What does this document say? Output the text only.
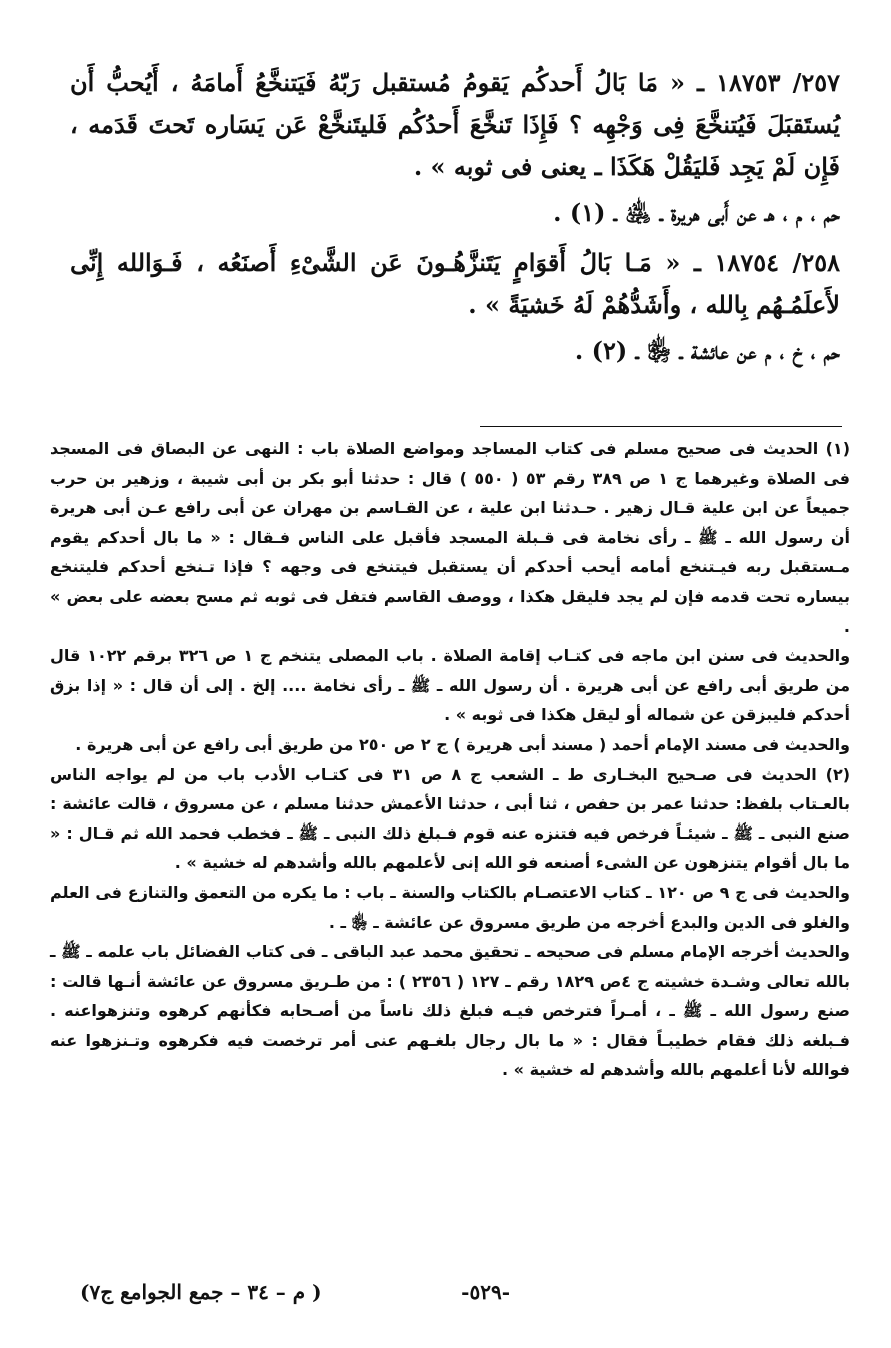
٢٥٧/ ١٨٧٥٣ ـ « مَا بَالُ أَحدكُم يَقومُ مُستقبل رَبّهُ فَيَتنخَّعُ أَمامَهُ ، أَيُحبُّ أَن يُستَقبَلَ فَيُتنخَّعَ فِى وَجْهِه ؟ فَإِذَا تَنخَّعَ أَحدُكُم فَليتَنخَّعْ عَن يَسَاره تَحتَ قَدَمه ، فَإِن لَمْ يَجِد فَليَقُلْ هَكَذَا ـ يعنى فى ثوبه » .

حم ، م ، هـ عن أَبى هريرة ـ ﵁ ـ (١) .

٢٥٨/ ١٨٧٥٤ ـ « مَـا بَالُ أَقوَامٍ يَتَنزَّهُـونَ عَن الشَّىْءِ أَصنَعُه ، فَـوَالله إِنِّى لأَعلَمُـهُم بِالله ، وأَشَدُّهُمْ لَهُ خَشيَةً » .

حم ، خ ، م عن عائشة ـ ﵂ ـ (٢) .

(١) الحديث فى صحيح مسلم فى كتاب المساجد ومواضع الصلاة باب : النهى عن البصاق فى المسجد فى الصلاة وغيرهما ج ١ ص ٣٨٩ رقم ٥٣ ( ٥٥٠ ) قال : حدثنا أبو بكر بن أبى شيبة ، وزهير بن حرب جميعاً عن ابن علية قـال زهير . حـدثنا ابن علية ، عن القـاسم بن مهران عن أبى رافع عـن أبى هريرة أن رسول الله ـ ﷺ ـ رأى نخامة فى قـبلة المسجد فأقبل على الناس فـقال : « ما بال أحدكم يقوم مـستقبل ربه فيـتنخع أمامه أيحب أحدكم أن يستقبل فيتنخع فى وجهه ؟ فإذا تـنخع أحدكم فليتنخع بيساره تحت قدمه فإن لم يجد فليقل هكذا ، ووصف القاسم فتفل فى ثوبه ثم مسح بعضه على بعض » .

والحديث فى سنن ابن ماجه فى كتـاب إقامة الصلاة . باب المصلى يتنخم ج ١ ص ٣٢٦ برقم ١٠٢٢ قال من طريق أبى رافع عن أبى هريرة . أن رسول الله ـ ﷺ ـ رأى نخامة .... إلخ . إلى أن قال : « إذا بزق أحدكم فليبزقن عن شماله أو ليقل هكذا فى ثوبه » .

والحديث فى مسند الإمام أحمد ( مسند أبى هريرة ) ج ٢ ص ٢٥٠ من طريق أبى رافع عن أبى هريرة .

(٢) الحديث فى صـحيح البخـارى ط ـ الشعب ج ٨ ص ٣١ فى كتـاب الأدب باب من لم يواجه الناس بالعـتاب بلفظ: حدثنا عمر بن حفص ، ثنا أبى ، حدثنا الأعمش حدثنا مسلم ، عن مسروق ، قالت عائشة : صنع النبى ـ ﷺ ـ شيئـاً فرخص فيه فتنزه عنه قوم فـبلغ ذلك النبى ـ ﷺ ـ فخطب فحمد الله ثم قـال : « ما بال أقوام يتنزهون عن الشىء أصنعه فو الله إنى لأعلمهم بالله وأشدهم له خشية » .

والحديث فى ج ٩ ص ١٢٠ ـ كتاب الاعتصـام بالكتاب والسنة ـ باب : ما يكره من التعمق والتنازع فى العلم والغلو فى الدين والبدع أخرجه من طريق مسروق عن عائشة ـ ﵂ ـ .

والحديث أخرجه الإمام مسلم فى صحيحه ـ تحقيق محمد عبد الباقى ـ فى كتاب الفضائل باب علمه ـ ﷺ ـ بالله تعالى وشـدة خشيته ج ٤ص ١٨٢٩ رقم ـ ١٢٧ ( ٢٣٥٦ ) : من طـريق مسروق عن عائشة أنـها قالت : صنع رسول الله ـ ﷺ ـ ، أمـراً فترخص فيـه فبلغ ذلك ناساً من أصـحابه فكأنهم كرهوه وتنزهواعنه . فـبلغه ذلك فقام خطيبـاً فقال : « ما بال رجال بلغـهم عنى أمر ترخصت فيه فكرهوه وتـنزهوا عنه فوالله لأنا أعلمهم بالله وأشدهم له خشية » .

-٥٢٩-
( م – ٣٤ – جمع الجوامع ج٧)
